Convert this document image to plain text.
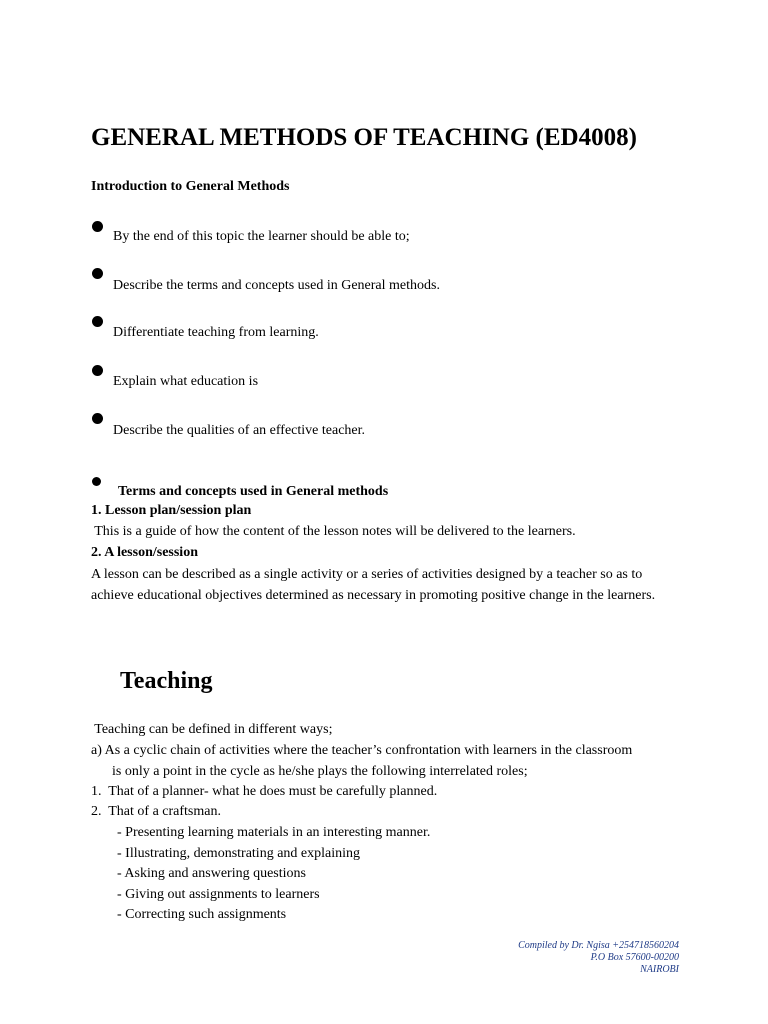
GENERAL METHODS OF TEACHING (ED4008)
Introduction to General Methods
By the end of this topic the learner should be able to;
Describe the terms and concepts used in General methods.
Differentiate teaching from learning.
Explain what education is
Describe the qualities of an effective teacher.
Terms and concepts used in General methods
1. Lesson plan/session plan
This is a guide of how the content of the lesson notes will be delivered to the learners.
2. A lesson/session
A lesson can be described as a single activity or a series of activities designed by a teacher so as to achieve educational objectives determined as necessary in promoting positive change in the learners.
Teaching
Teaching can be defined in different ways;
a) As a cyclic chain of activities where the teacher’s confrontation with learners in the classroom
is only a point in the cycle as he/she plays the following interrelated roles;
1.  That of a planner- what he does must be carefully planned.
2.  That of a craftsman.
- Presenting learning materials in an interesting manner.
- Illustrating, demonstrating and explaining
- Asking and answering questions
- Giving out assignments to learners
- Correcting such assignments
Compiled by Dr. Ngisa +254718560204
P.O Box 57600-00200
NAIROBI
